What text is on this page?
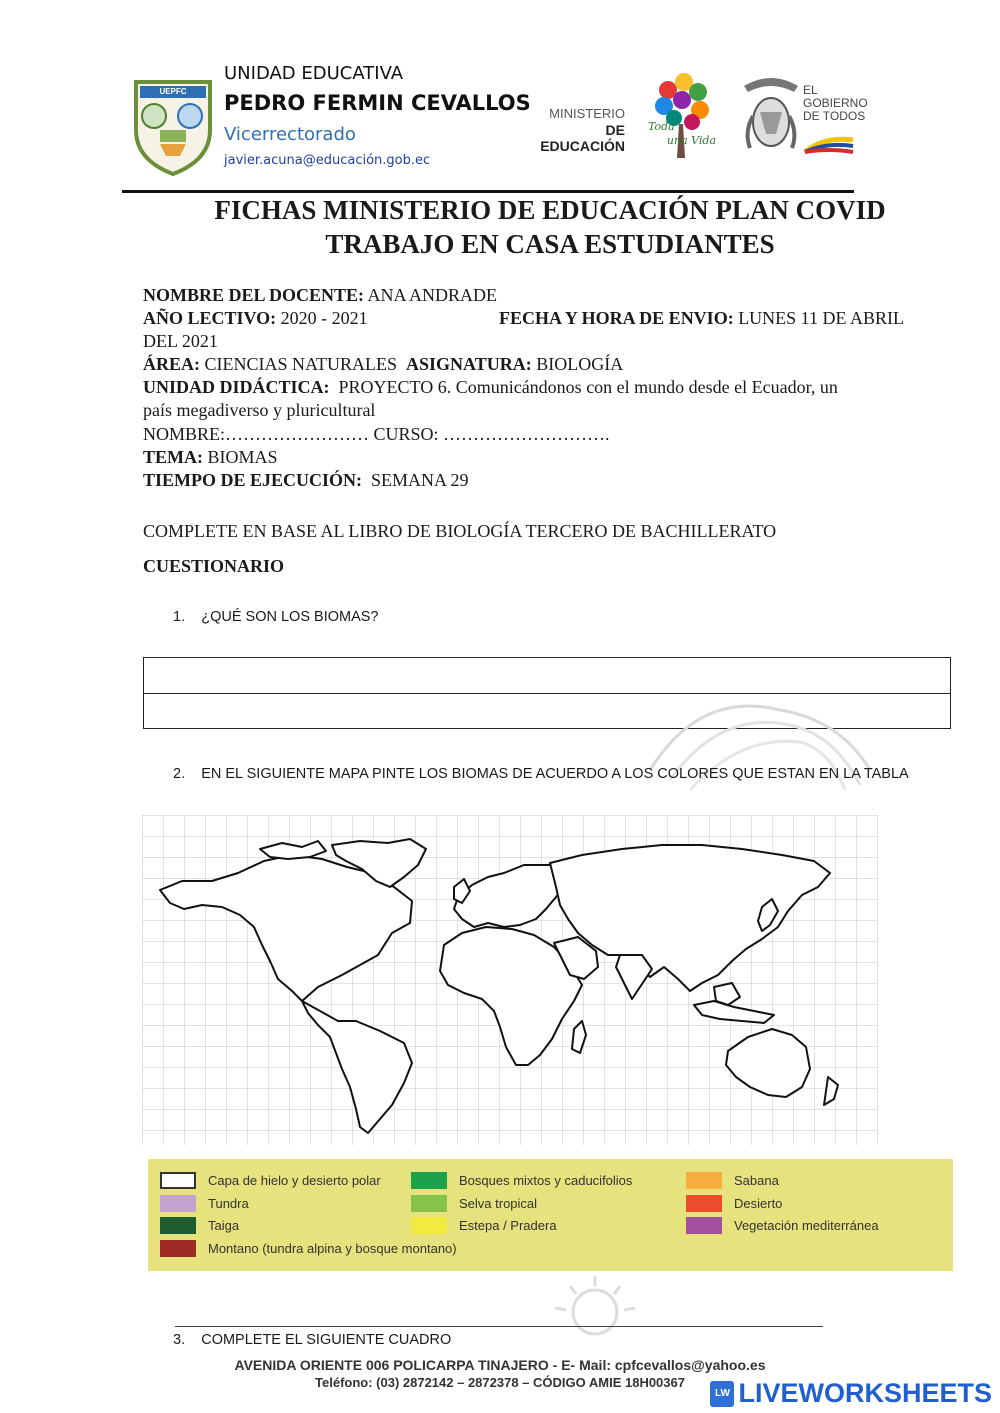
UEPFC
UNIDAD EDUCATIVA
PEDRO FERMIN CEVALLOS
Vicerrectorado
javier.acuna@educación.gob.ec
MINISTERIO
DE EDUCACIÓN
Toda
una Vida
EL
GOBIERNO
DE TODOS
FICHAS MINISTERIO DE EDUCACIÓN PLAN COVID
TRABAJO EN CASA ESTUDIANTES
NOMBRE DEL DOCENTE: ANA ANDRADE
AÑO LECTIVO: 2020 - 2021	FECHA Y HORA DE ENVIO: LUNES 11 DE ABRIL
DEL 2021
ÁREA: CIENCIAS NATURALES ASIGNATURA: BIOLOGÍA
UNIDAD DIDÁCTICA: PROYECTO 6. Comunicándonos con el mundo desde el Ecuador, un
país megadiverso y pluricultural
NOMBRE:…………………… CURSO: ……………………….
TEMA: BIOMAS
TIEMPO DE EJECUCIÓN: SEMANA 29
COMPLETE EN BASE AL LIBRO DE BIOLOGÍA TERCERO DE BACHILLERATO
CUESTIONARIO
1. ¿QUÉ SON LOS BIOMAS?
2. EN EL SIGUIENTE MAPA PINTE LOS BIOMAS DE ACUERDO A LOS COLORES QUE ESTAN EN LA TABLA
Capa de hielo y desierto polar
Tundra
Taiga
Montano (tundra alpina y bosque montano)
Bosques mixtos y caducifolios
Selva tropical
Estepa / Pradera
Sabana
Desierto
Vegetación mediterránea
3. COMPLETE EL SIGUIENTE CUADRO
AVENIDA ORIENTE 006 POLICARPA TINAJERO - E- Mail: cpfcevallos@yahoo.es
Teléfono: (03) 2872142 – 2872378 – CÓDIGO AMIE 18H00367
LW LIVEWORKSHEETS
